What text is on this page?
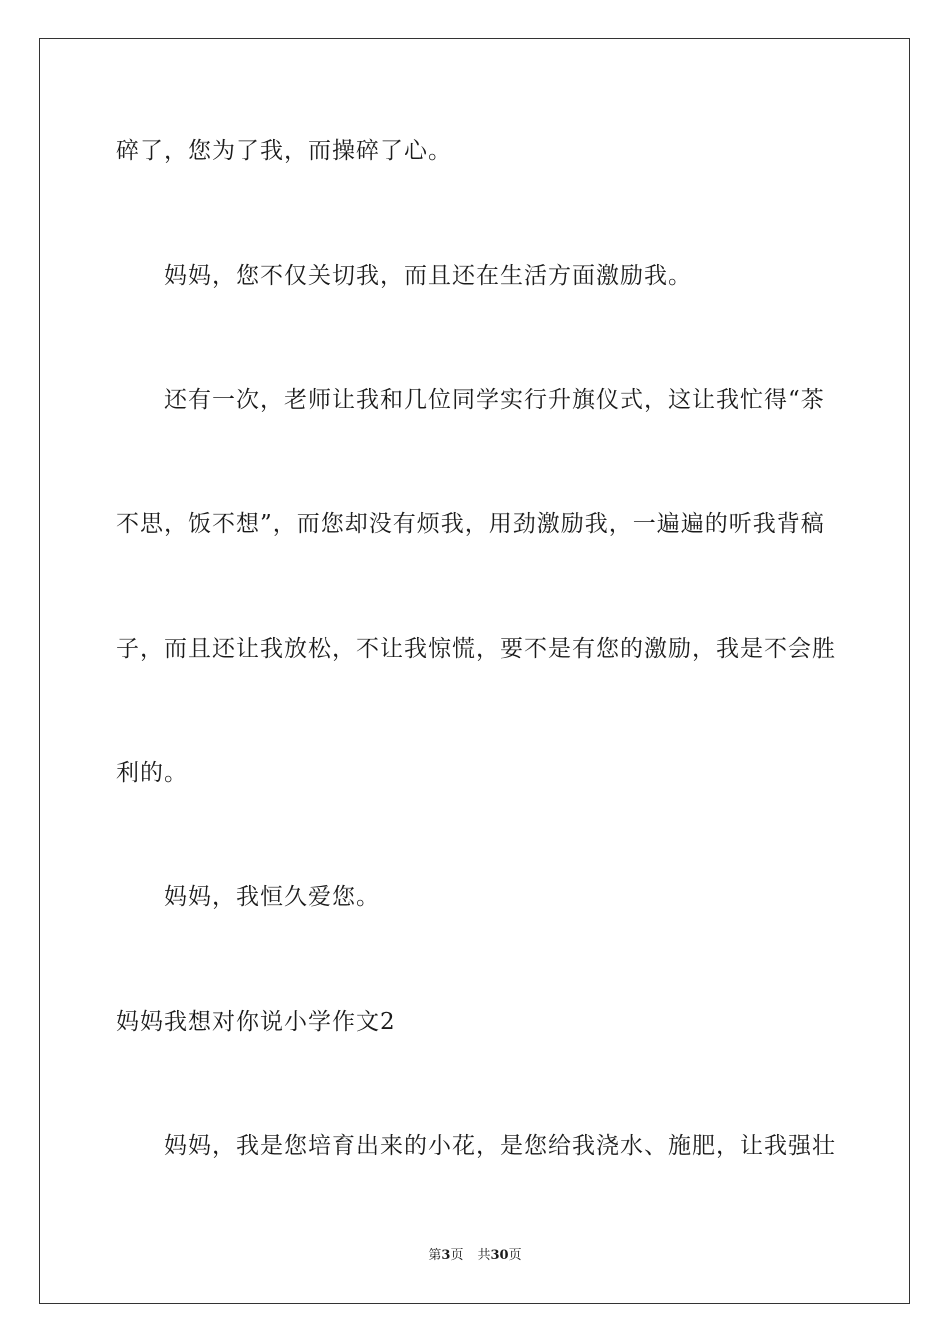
碎了，您为了我，而操碎了心。
妈妈，您不仅关切我，而且还在生活方面激励我。
还有一次，老师让我和几位同学实行升旗仪式，这让我忙得“茶
不思，饭不想”，而您却没有烦我，用劲激励我，一遍遍的听我背稿
子，而且还让我放松，不让我惊慌，要不是有您的激励，我是不会胜
利的。
妈妈，我恒久爱您。
妈妈我想对你说小学作文2
妈妈，我是您培育出来的小花，是您给我浇水、施肥，让我强壮
第3页 共30页
